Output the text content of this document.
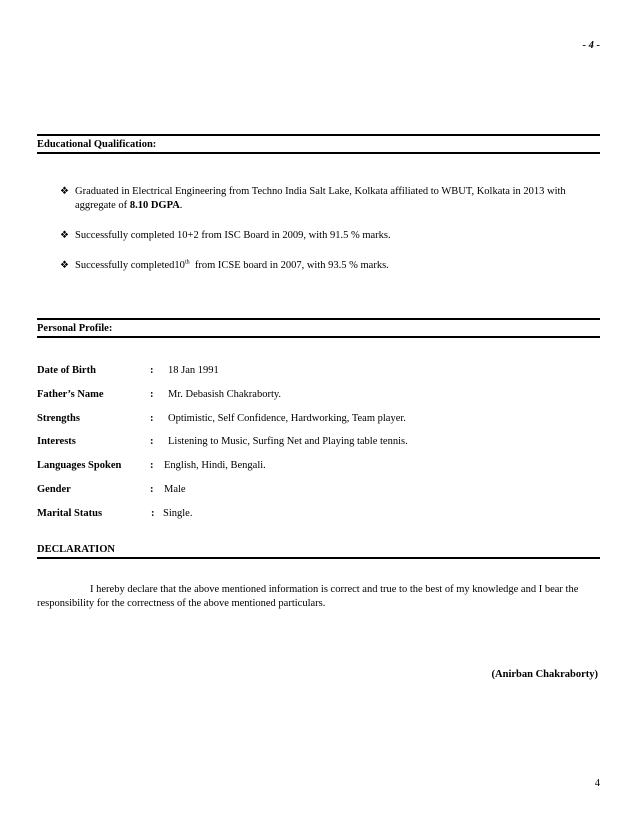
- 4 -
Educational Qualification:
❖ Graduated in Electrical Engineering from Techno India Salt Lake, Kolkata affiliated to WBUT, Kolkata in 2013 with aggregate of 8.10 DGPA.
❖ Successfully completed 10+2 from ISC Board in 2009, with 91.5 % marks.
❖ Successfully completed10th  from ICSE board in 2007, with 93.5 % marks.
Personal Profile:
Date of Birth	: 18 Jan 1991
Father’s Name	: Mr. Debasish Chakraborty.
Strengths	: Optimistic, Self Confidence, Hardworking, Team player.
Interests	: Listening to Music, Surfing Net and Playing table tennis.
Languages Spoken	: English, Hindi, Bengali.
Gender	: Male
Marital Status	: Single.
DECLARATION
I hereby declare that the above mentioned information is correct and true to the best of my knowledge and I bear the responsibility for the correctness of the above mentioned particulars.
(Anirban Chakraborty)
4
